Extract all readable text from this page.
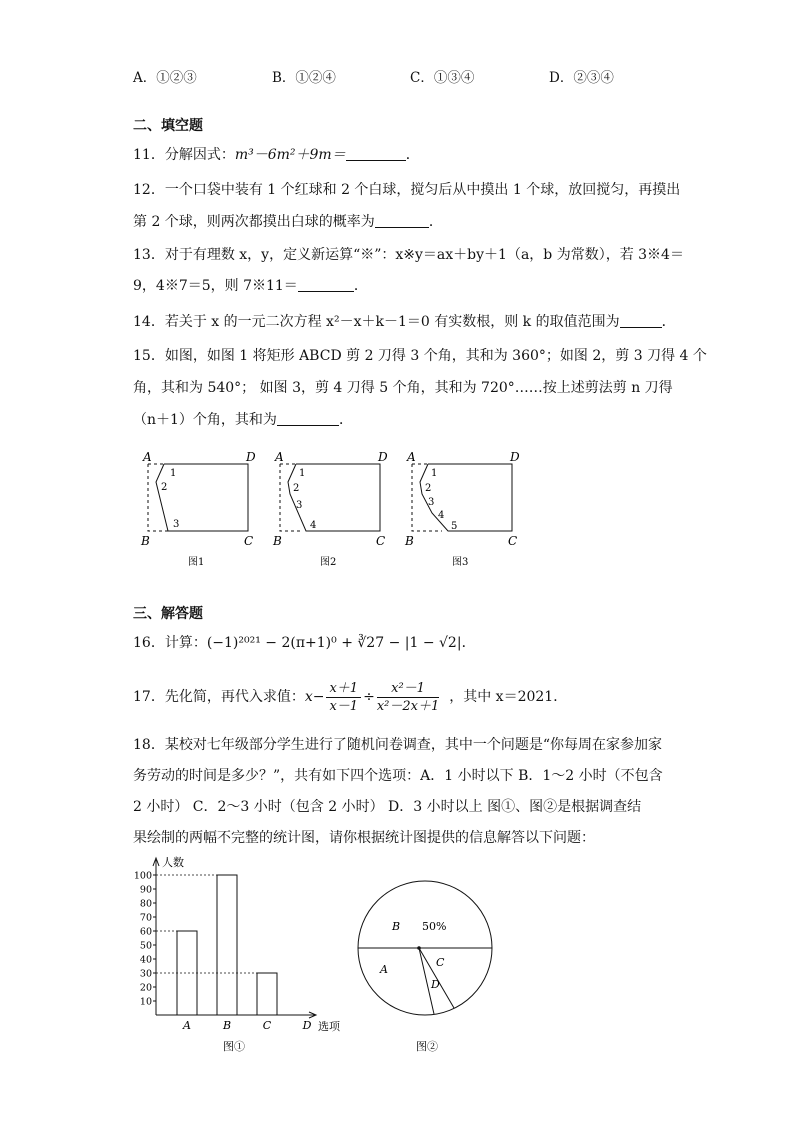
A．①②③	B．①②④	C．①③④	D．②③④
二、填空题
11．分解因式：m³－6m²＋9m＝	．
12．一个口袋中装有 1 个红球和 2 个白球，搅匀后从中摸出 1 个球，放回搅匀，再摸出
第 2 个球，则两次都摸出白球的概率为	．
13．对于有理数 x，y，定义新运算“※”：x※y＝ax＋by＋1（a，b 为常数），若 3※4＝
9，4※7＝5，则 7※11＝	．
14．若关于 x 的一元二次方程 x²－x＋k－1＝0 有实数根，则 k 的取值范围为	．
15．如图，如图 1 将矩形 ABCD 剪 2 刀得 3 个角，其和为 360°；如图 2，剪 3 刀得 4 个
角，其和为 540°； 如图 3，剪 4 刀得 5 个角，其和为 720°……按上述剪法剪 n 刀得
（n＋1）个角，其和为	．
A	D
B	C
1
2
3
图1
A	D
B	C
1
2
3
4
图2
A	D
B	C
1
2
3
4
5
图3
三、解答题
16．计算：(−1)²⁰²¹ − 2(π+1)⁰ + ∛27 − |1 − √2|．
17．先化简，再代入求值：$x- \frac{x+1}{x-1} \div \frac{\text{x²－1}}{\text{x²－2x＋1}}$ ，其中 x＝2021．
18．某校对七年级部分学生进行了随机问卷调查，其中一个问题是“你每周在家参加家
务劳动的时间是多少？”，共有如下四个选项：A．1 小时以下 B．1～2 小时（不包含
2 小时） C．2～3 小时（包含 2 小时） D．3 小时以上 图①、图②是根据调查结
果绘制的两幅不完整的统计图，请你根据统计图提供的信息解答以下问题：
10
20
30
40
50
60
70
80
90
100
A	B	C	D
人数
选项
图①
B 50%
A
C
D
图②
